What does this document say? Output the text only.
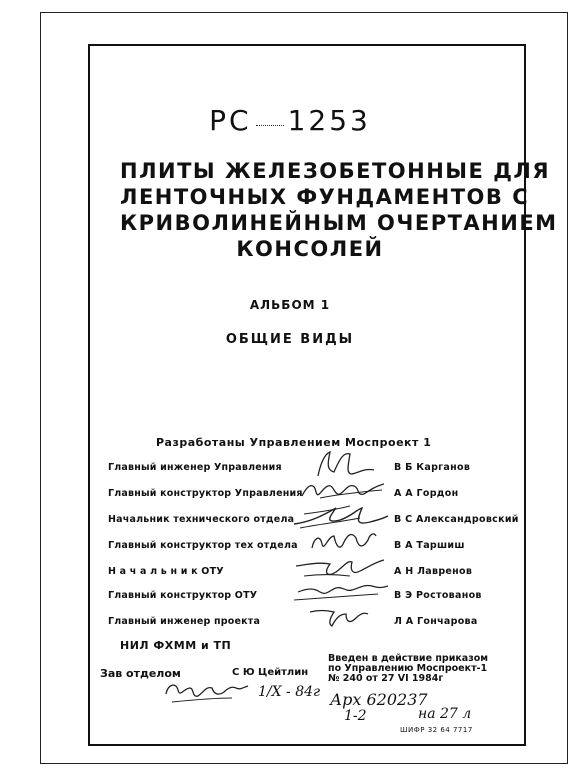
РС 1253
ПЛИТЫ ЖЕЛЕЗОБЕТОННЫЕ ДЛЯ
ЛЕНТОЧНЫХ ФУНДАМЕНТОВ С
КРИВОЛИНЕЙНЫМ ОЧЕРТАНИЕМ
КОНСОЛЕЙ
АЛЬБОМ 1
ОБЩИЕ ВИДЫ
Разработаны Управлением Моспроект 1
Главный инженер Управления	В Б Карганов
Главный конструктор Управления	А А Гордон
Начальник технического отдела	В С Александровский
Главный конструктор тех отдела	В А Таршиш
Н а ч а л ь н и к ОТУ	А Н Лавренов
Главный конструктор ОТУ	В Э Ростованов
Главный инженер проекта	Л А Гончарова
НИЛ ФХММ и ТП
Зав отделом	С Ю Цейтлин
1/X - 84г
Введен в действие приказом
по Управлению Моспроект-1
№ 240 от 27 VI 1984г
Арх 620237
1-2	на 27 л
ШИФР 32 64 7717
